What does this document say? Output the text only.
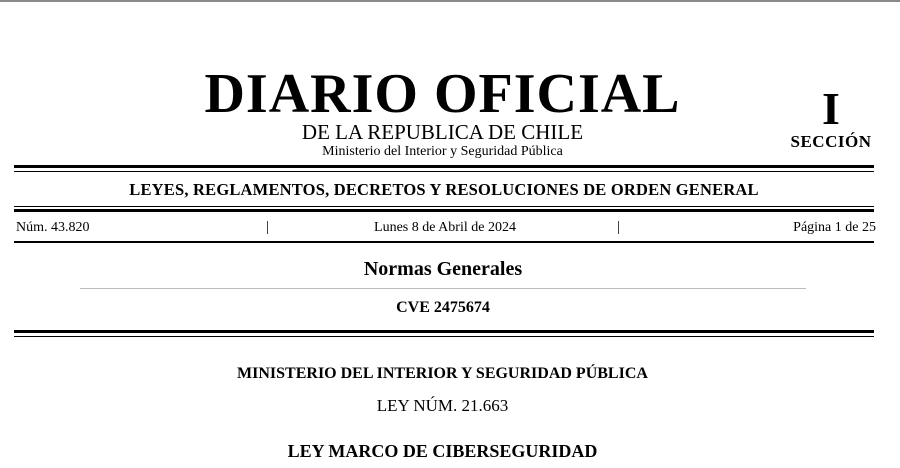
DIARIO OFICIAL
DE LA REPUBLICA DE CHILE
Ministerio del Interior y Seguridad Pública
I
SECCIÓN
LEYES, REGLAMENTOS, DECRETOS Y RESOLUCIONES DE ORDEN GENERAL
Núm. 43.820	|	Lunes 8 de Abril de 2024	|	Página 1 de 25
Normas Generales
CVE 2475674
MINISTERIO DEL INTERIOR Y SEGURIDAD PÚBLICA
LEY NÚM. 21.663
LEY MARCO DE CIBERSEGURIDAD
